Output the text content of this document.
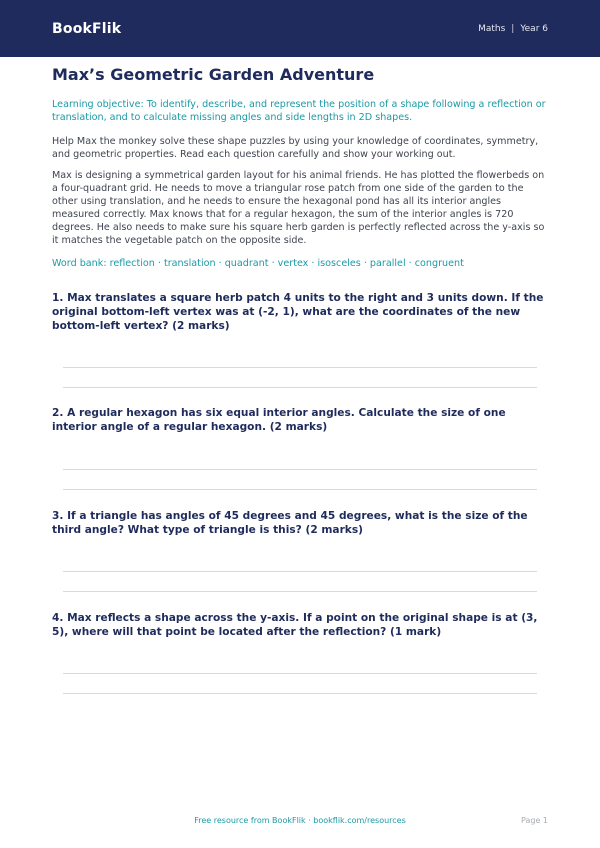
BookFlik	Maths | Year 6
Max’s Geometric Garden Adventure

Learning objective: To identify, describe, and represent the position of a shape following a reflection or translation, and to calculate missing angles and side lengths in 2D shapes.

Help Max the monkey solve these shape puzzles by using your knowledge of coordinates, symmetry, and geometric properties. Read each question carefully and show your working out.

Max is designing a symmetrical garden layout for his animal friends. He has plotted the flowerbeds on a four-quadrant grid. He needs to move a triangular rose patch from one side of the garden to the other using translation, and he needs to ensure the hexagonal pond has all its interior angles measured correctly. Max knows that for a regular hexagon, the sum of the interior angles is 720 degrees. He also needs to make sure his square herb garden is perfectly reflected across the y-axis so it matches the vegetable patch on the opposite side.

Word bank: reflection · translation · quadrant · vertex · isosceles · parallel · congruent

1. Max translates a square herb patch 4 units to the right and 3 units down. If the original bottom-left vertex was at (-2, 1), what are the coordinates of the new bottom-left vertex? (2 marks)

2. A regular hexagon has six equal interior angles. Calculate the size of one interior angle of a regular hexagon. (2 marks)

3. If a triangle has angles of 45 degrees and 45 degrees, what is the size of the third angle? What type of triangle is this? (2 marks)

4. Max reflects a shape across the y-axis. If a point on the original shape is at (3, 5), where will that point be located after the reflection? (1 mark)

Free resource from BookFlik · bookflik.com/resources	Page 1
